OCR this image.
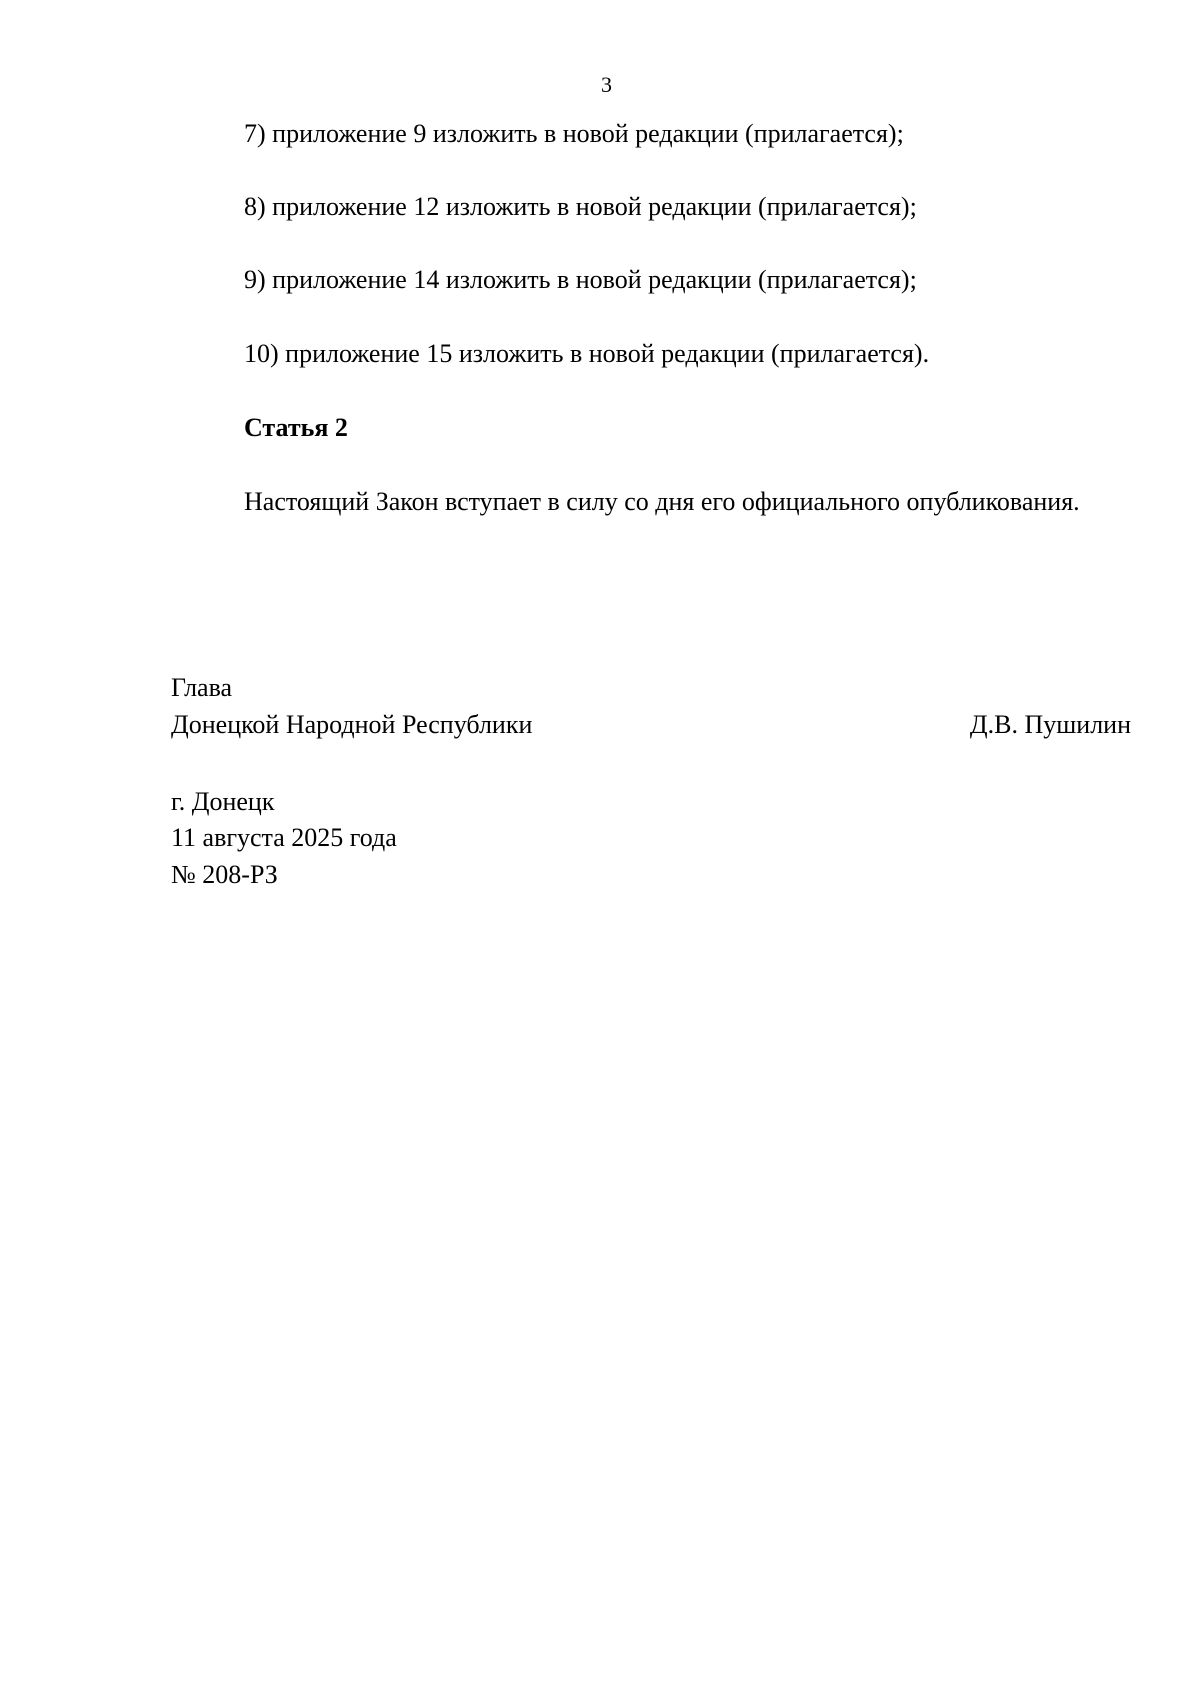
3
7) приложение 9 изложить в новой редакции (прилагается);
8) приложение 12 изложить в новой редакции (прилагается);
9) приложение 14 изложить в новой редакции (прилагается);
10) приложение 15 изложить в новой редакции (прилагается).
Статья 2
Настоящий Закон вступает в силу со дня его официального опубликования.
Глава
Донецкой Народной Республики	Д.В. Пушилин
г. Донецк
11 августа 2025 года
№ 208-РЗ
